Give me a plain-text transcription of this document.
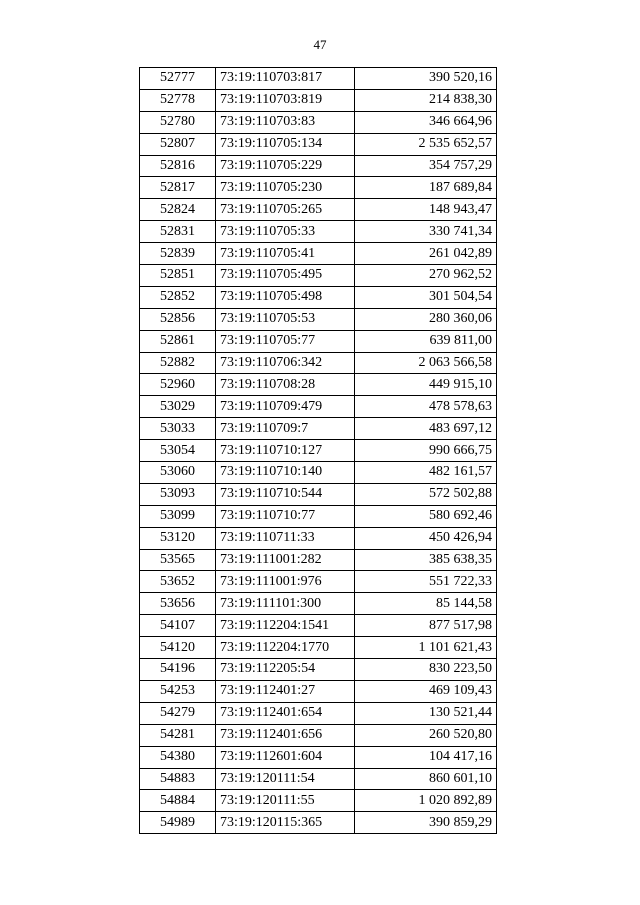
47
52777	73:19:110703:817	390 520,16
52778	73:19:110703:819	214 838,30
52780	73:19:110703:83	346 664,96
52807	73:19:110705:134	2 535 652,57
52816	73:19:110705:229	354 757,29
52817	73:19:110705:230	187 689,84
52824	73:19:110705:265	148 943,47
52831	73:19:110705:33	330 741,34
52839	73:19:110705:41	261 042,89
52851	73:19:110705:495	270 962,52
52852	73:19:110705:498	301 504,54
52856	73:19:110705:53	280 360,06
52861	73:19:110705:77	639 811,00
52882	73:19:110706:342	2 063 566,58
52960	73:19:110708:28	449 915,10
53029	73:19:110709:479	478 578,63
53033	73:19:110709:7	483 697,12
53054	73:19:110710:127	990 666,75
53060	73:19:110710:140	482 161,57
53093	73:19:110710:544	572 502,88
53099	73:19:110710:77	580 692,46
53120	73:19:110711:33	450 426,94
53565	73:19:111001:282	385 638,35
53652	73:19:111001:976	551 722,33
53656	73:19:111101:300	85 144,58
54107	73:19:112204:1541	877 517,98
54120	73:19:112204:1770	1 101 621,43
54196	73:19:112205:54	830 223,50
54253	73:19:112401:27	469 109,43
54279	73:19:112401:654	130 521,44
54281	73:19:112401:656	260 520,80
54380	73:19:112601:604	104 417,16
54883	73:19:120111:54	860 601,10
54884	73:19:120111:55	1 020 892,89
54989	73:19:120115:365	390 859,29
